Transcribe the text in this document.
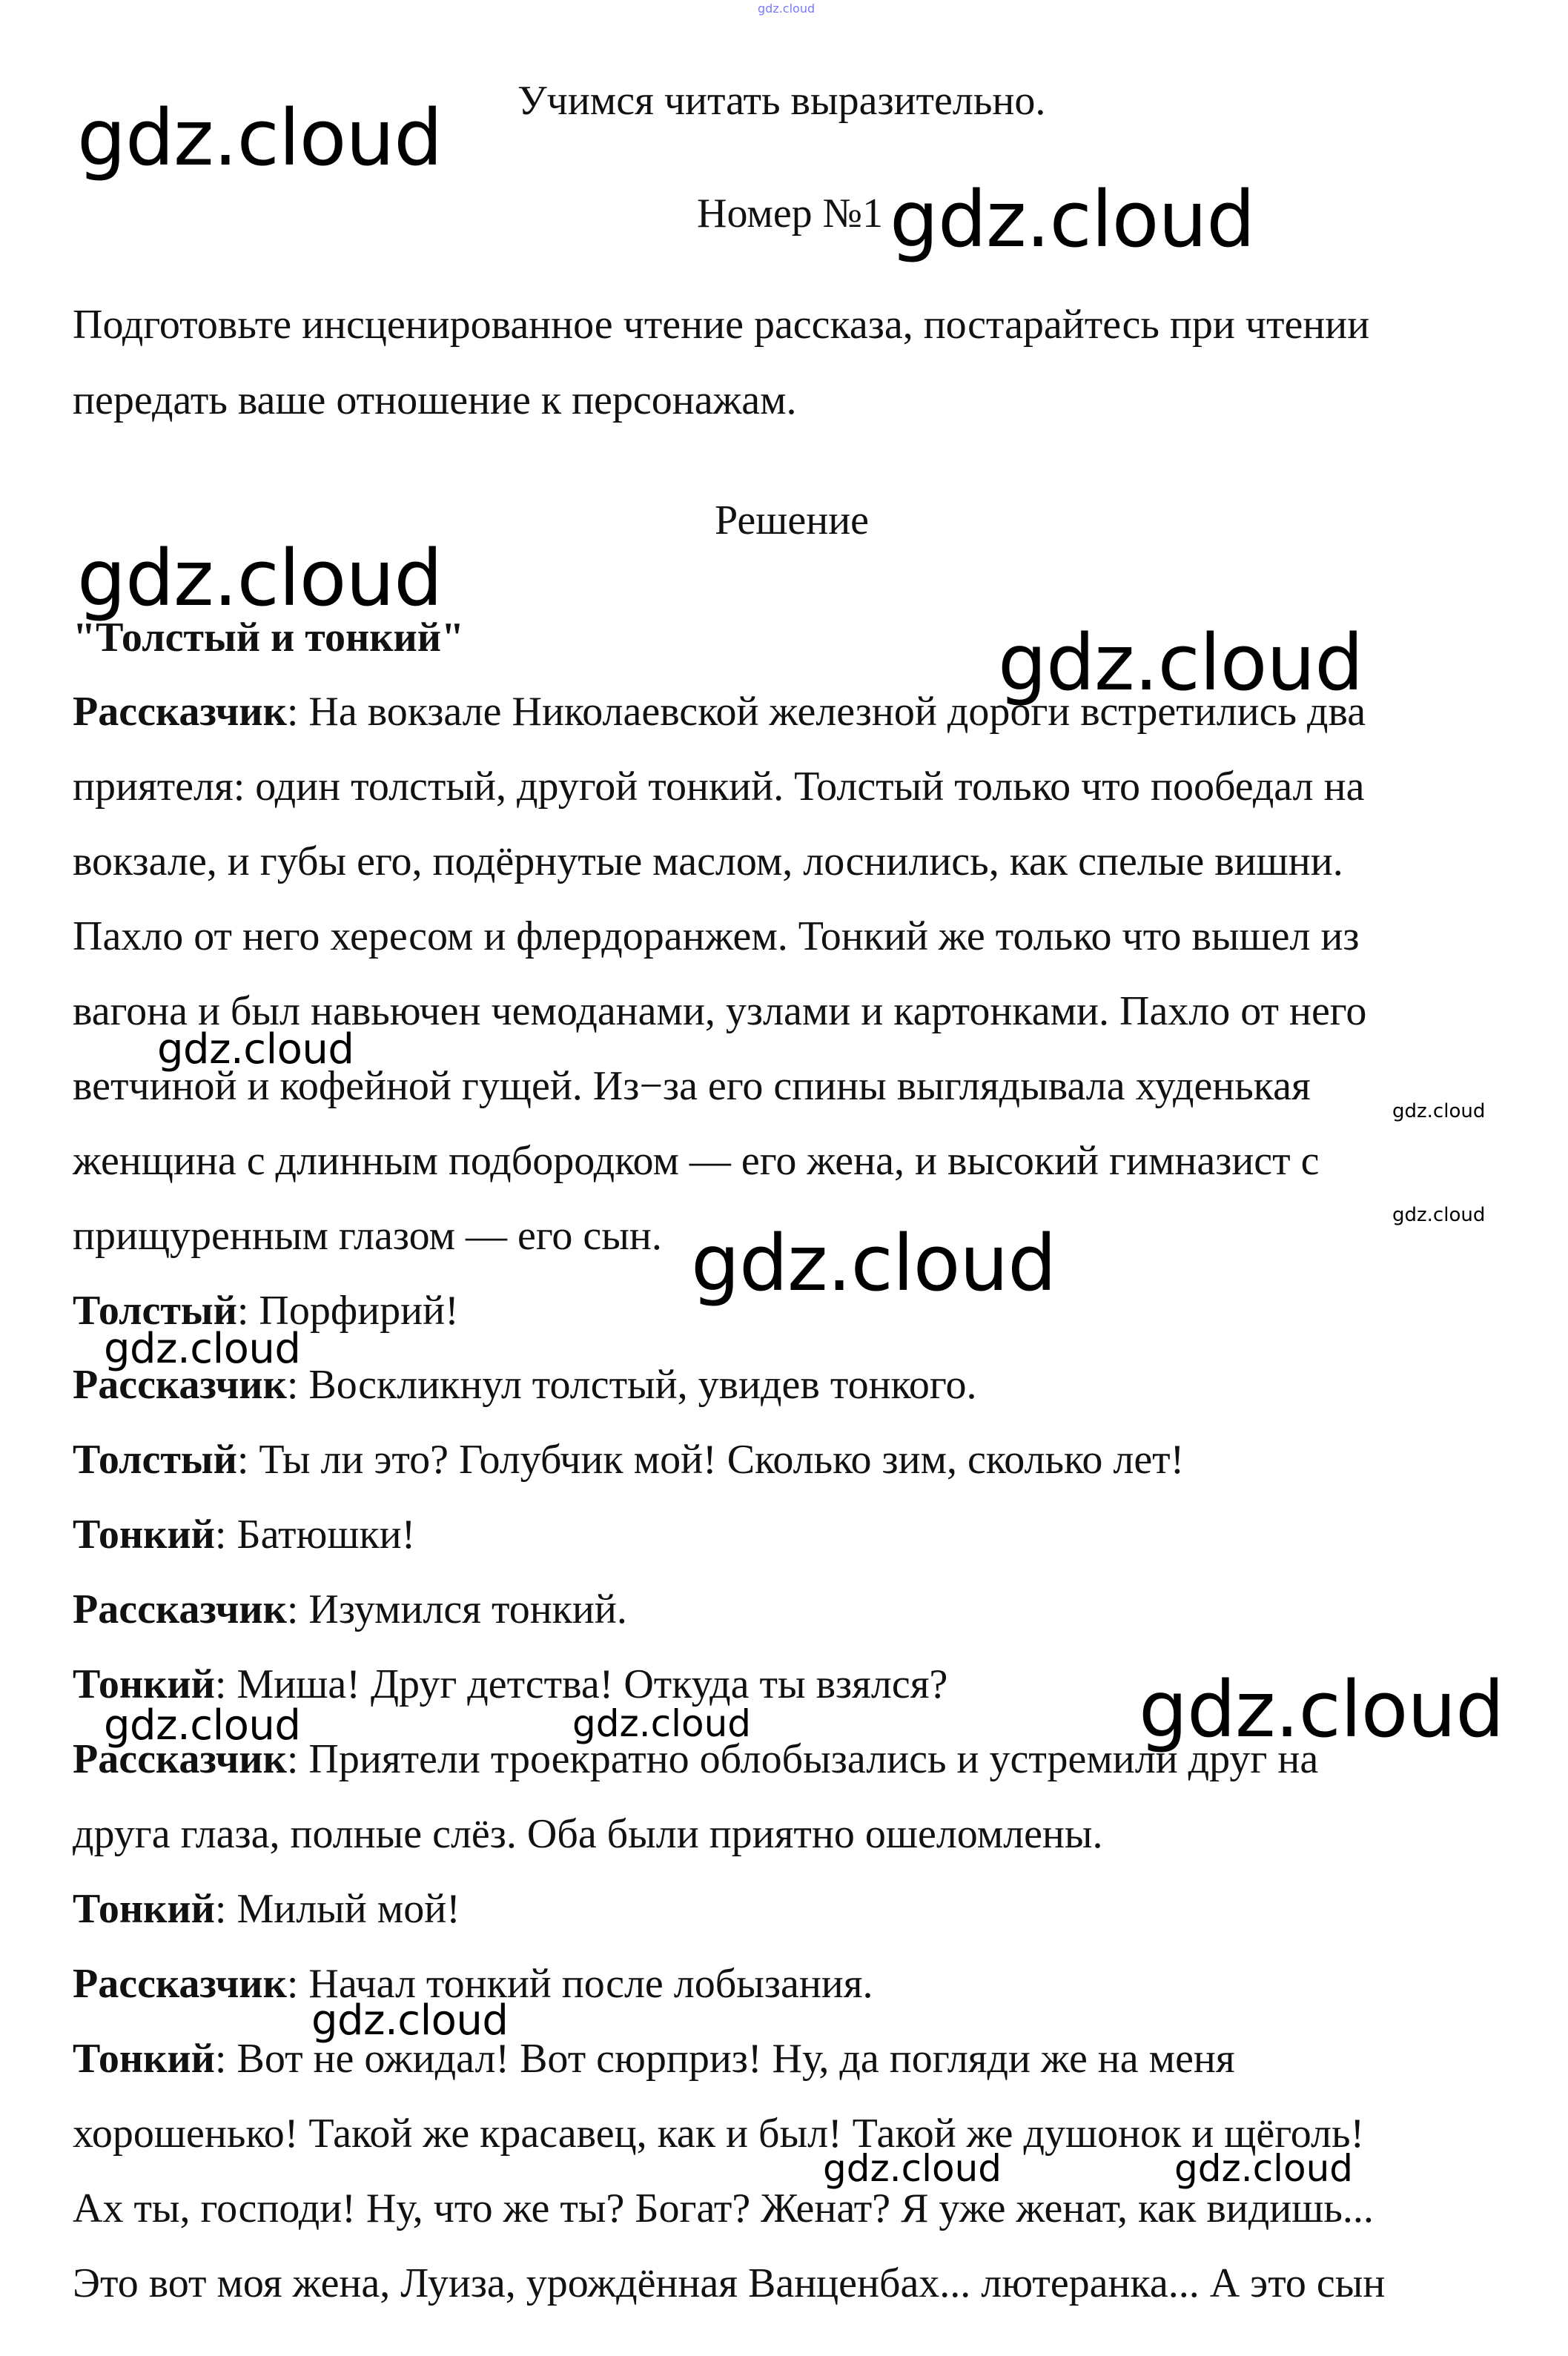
gdz.cloud
Учимся читать выразительно.
Номер №1
Подготовьте инсценированное чтение рассказа, постарайтесь при чтении
передать ваше отношение к персонажам.
Решение
"Толстый и тонкий"
Рассказчик: На вокзале Николаевской железной дороги встретились два
приятеля: один толстый, другой тонкий. Толстый только что пообедал на
вокзале, и губы его, подёрнутые маслом, лоснились, как спелые вишни.
Пахло от него хересом и флердоранжем. Тонкий же только что вышел из
вагона и был навьючен чемоданами, узлами и картонками. Пахло от него
ветчиной и кофейной гущей. Из−за его спины выглядывала худенькая
женщина с длинным подбородком — его жена, и высокий гимназист с
прищуренным глазом — его сын.
Толстый: Порфирий!
Рассказчик: Воскликнул толстый, увидев тонкого.
Толстый: Ты ли это? Голубчик мой! Сколько зим, сколько лет!
Тонкий: Батюшки!
Рассказчик: Изумился тонкий.
Тонкий: Миша! Друг детства! Откуда ты взялся?
Рассказчик: Приятели троекратно облобызались и устремили друг на
друга глаза, полные слёз. Оба были приятно ошеломлены.
Тонкий: Милый мой!
Рассказчик: Начал тонкий после лобызания.
Тонкий: Вот не ожидал! Вот сюрприз! Ну, да погляди же на меня
хорошенько! Такой же красавец, как и был! Такой же душонок и щёголь!
Ах ты, господи! Ну, что же ты? Богат? Женат? Я уже женат, как видишь...
Это вот моя жена, Луиза, урождённая Ванценбах... лютеранка... А это сын
gdz.cloud
gdz.cloud
gdz.cloud
gdz.cloud
gdz.cloud
gdz.cloud
gdz.cloud
gdz.cloud
gdz.cloud
gdz.cloud	gdz.cloud	gdz.cloud
gdz.cloud
gdz.cloud	gdz.cloud
